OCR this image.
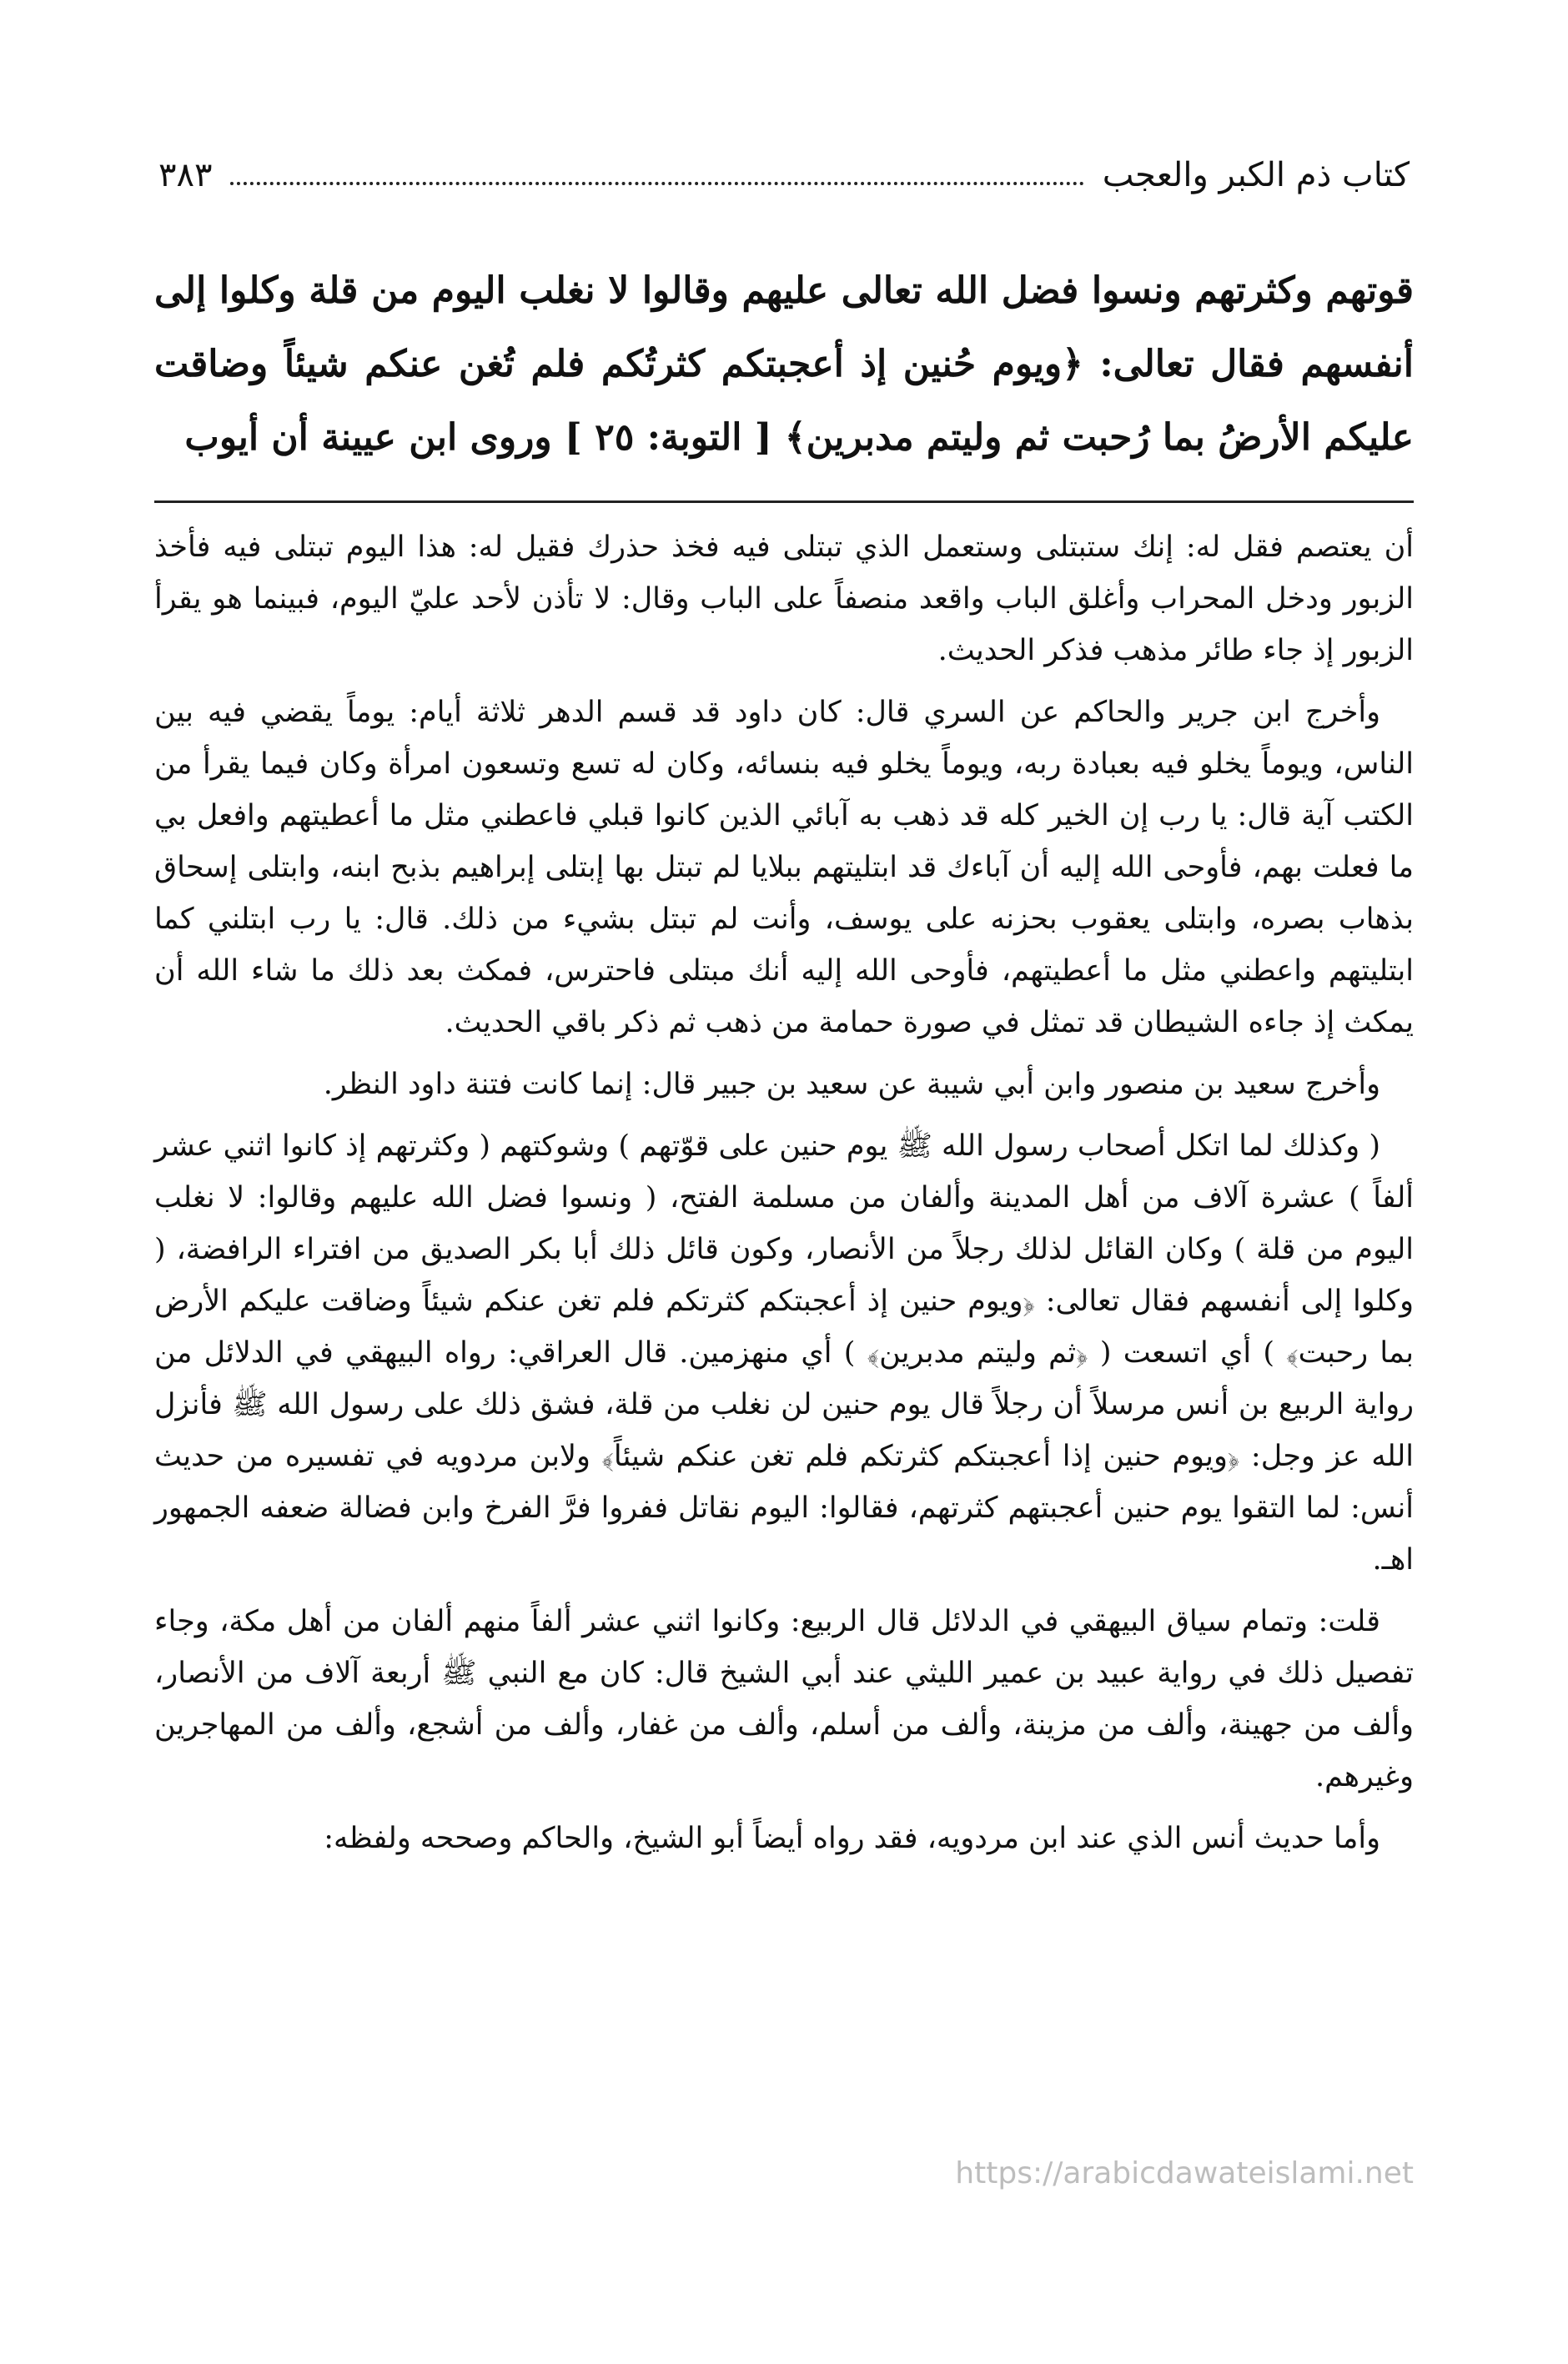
كتاب ذم الكبر والعجب
٣٨٣
قوتهم وكثرتهم ونسوا فضل الله تعالى عليهم وقالوا لا نغلب اليوم من قلة وكلوا إلى أنفسهم فقال تعالى: ﴿ويوم حُنين إذ أعجبتكم كثرتُكم فلم تُغن عنكم شيئاً وضاقت عليكم الأرضُ بما رُحبت ثم وليتم مدبرين﴾ [ التوبة: ٢٥ ] وروى ابن عيينة أن أيوب

أن يعتصم فقل له: إنك ستبتلى وستعمل الذي تبتلى فيه فخذ حذرك فقيل له: هذا اليوم تبتلى فيه فأخذ الزبور ودخل المحراب وأغلق الباب واقعد منصفاً على الباب وقال: لا تأذن لأحد عليّ اليوم، فبينما هو يقرأ الزبور إذ جاء طائر مذهب فذكر الحديث.

وأخرج ابن جرير والحاكم عن السري قال: كان داود قد قسم الدهر ثلاثة أيام: يوماً يقضي فيه بين الناس، ويوماً يخلو فيه بعبادة ربه، ويوماً يخلو فيه بنسائه، وكان له تسع وتسعون امرأة وكان فيما يقرأ من الكتب آية قال: يا رب إن الخير كله قد ذهب به آبائي الذين كانوا قبلي فاعطني مثل ما أعطيتهم وافعل بي ما فعلت بهم، فأوحى الله إليه أن آباءك قد ابتليتهم ببلايا لم تبتل بها إبتلى إبراهيم بذبح ابنه، وابتلى إسحاق بذهاب بصره، وابتلى يعقوب بحزنه على يوسف، وأنت لم تبتل بشيء من ذلك. قال: يا رب ابتلني كما ابتليتهم واعطني مثل ما أعطيتهم، فأوحى الله إليه أنك مبتلى فاحترس، فمكث بعد ذلك ما شاء الله أن يمكث إذ جاءه الشيطان قد تمثل في صورة حمامة من ذهب ثم ذكر باقي الحديث.

وأخرج سعيد بن منصور وابن أبي شيبة عن سعيد بن جبير قال: إنما كانت فتنة داود النظر.

( وكذلك لما اتكل أصحاب رسول الله ﷺ يوم حنين على قوّتهم ) وشوكتهم ( وكثرتهم إذ كانوا اثني عشر ألفاً ) عشرة آلاف من أهل المدينة وألفان من مسلمة الفتح، ( ونسوا فضل الله عليهم وقالوا: لا نغلب اليوم من قلة ) وكان القائل لذلك رجلاً من الأنصار، وكون قائل ذلك أبا بكر الصديق من افتراء الرافضة، ( وكلوا إلى أنفسهم فقال تعالى: ﴿ويوم حنين إذ أعجبتكم كثرتكم فلم تغن عنكم شيئاً وضاقت عليكم الأرض بما رحبت﴾ ) أي اتسعت ( ﴿ثم وليتم مدبرين﴾ ) أي منهزمين. قال العراقي: رواه البيهقي في الدلائل من رواية الربيع بن أنس مرسلاً أن رجلاً قال يوم حنين لن نغلب من قلة، فشق ذلك على رسول الله ﷺ فأنزل الله عز وجل: ﴿ويوم حنين إذا أعجبتكم كثرتكم فلم تغن عنكم شيئاً﴾ ولابن مردويه في تفسيره من حديث أنس: لما التقوا يوم حنين أعجبتهم كثرتهم، فقالوا: اليوم نقاتل ففروا فرَّ الفرخ وابن فضالة ضعفه الجمهور اهـ.

قلت: وتمام سياق البيهقي في الدلائل قال الربيع: وكانوا اثني عشر ألفاً منهم ألفان من أهل مكة، وجاء تفصيل ذلك في رواية عبيد بن عمير الليثي عند أبي الشيخ قال: كان مع النبي ﷺ أربعة آلاف من الأنصار، وألف من جهينة، وألف من مزينة، وألف من أسلم، وألف من غفار، وألف من أشجع، وألف من المهاجرين وغيرهم.

وأما حديث أنس الذي عند ابن مردويه، فقد رواه أيضاً أبو الشيخ، والحاكم وصححه ولفظه:

https://arabicdawateislami.net
